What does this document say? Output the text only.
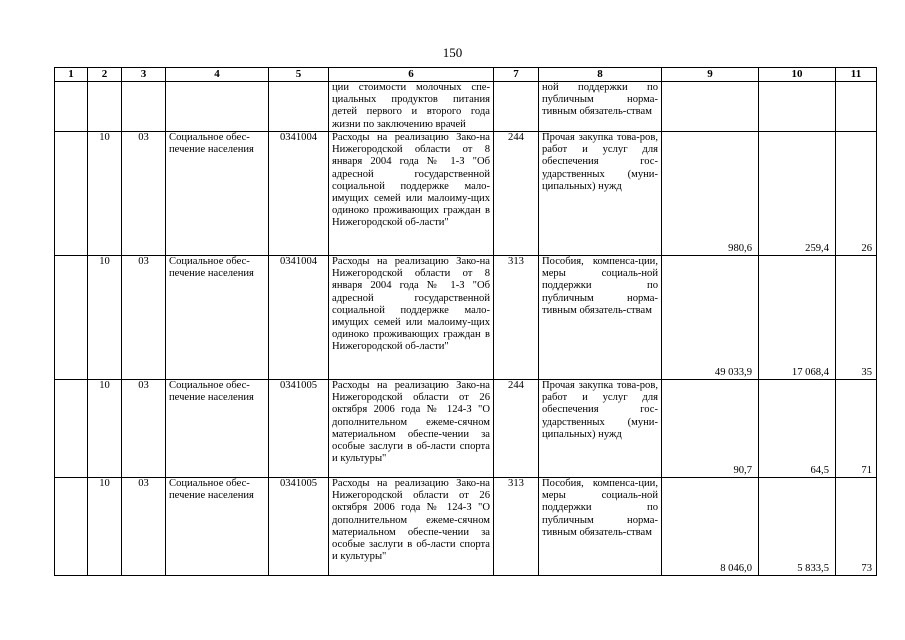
150
1	2	3	4	5	6	7	8	9	10	11
					ции стоимости молочных спе-циальных продуктов питания детей первого и второго года жизни по заключению врачей		ной поддержки по публичным норма-тивным обязатель-ствам			
	10	03	Социальное обес-печение населения	0341004	Расходы на реализацию Зако-на Нижегородской области от 8 января 2004 года № 1-З "Об адресной государственной социальной поддержке мало-имущих семей или малоиму-щих одиноко проживающих граждан в Нижегородской об-ласти"	244	Прочая закупка това-ров, работ и услуг для обеспечения гос-ударственных (муни-ципальных) нужд	980,6	259,4	26
	10	03	Социальное обес-печение населения	0341004	Расходы на реализацию Зако-на Нижегородской области от 8 января 2004 года № 1-З "Об адресной государственной социальной поддержке мало-имущих семей или малоиму-щих одиноко проживающих граждан в Нижегородской об-ласти"	313	Пособия, компенса-ции, меры социаль-ной поддержки по публичным норма-тивным обязатель-ствам	49 033,9	17 068,4	35
	10	03	Социальное обес-печение населения	0341005	Расходы на реализацию Зако-на Нижегородской области от 26 октября 2006 года № 124-З "О дополнительном ежеме-сячном материальном обеспе-чении за особые заслуги в об-ласти спорта и культуры"	244	Прочая закупка това-ров, работ и услуг для обеспечения гос-ударственных (муни-ципальных) нужд	90,7	64,5	71
	10	03	Социальное обес-печение населения	0341005	Расходы на реализацию Зако-на Нижегородской области от 26 октября 2006 года № 124-З "О дополнительном ежеме-сячном материальном обеспе-чении за особые заслуги в об-ласти спорта и культуры"	313	Пособия, компенса-ции, меры социаль-ной поддержки по публичным норма-тивным обязатель-ствам	8 046,0	5 833,5	73
